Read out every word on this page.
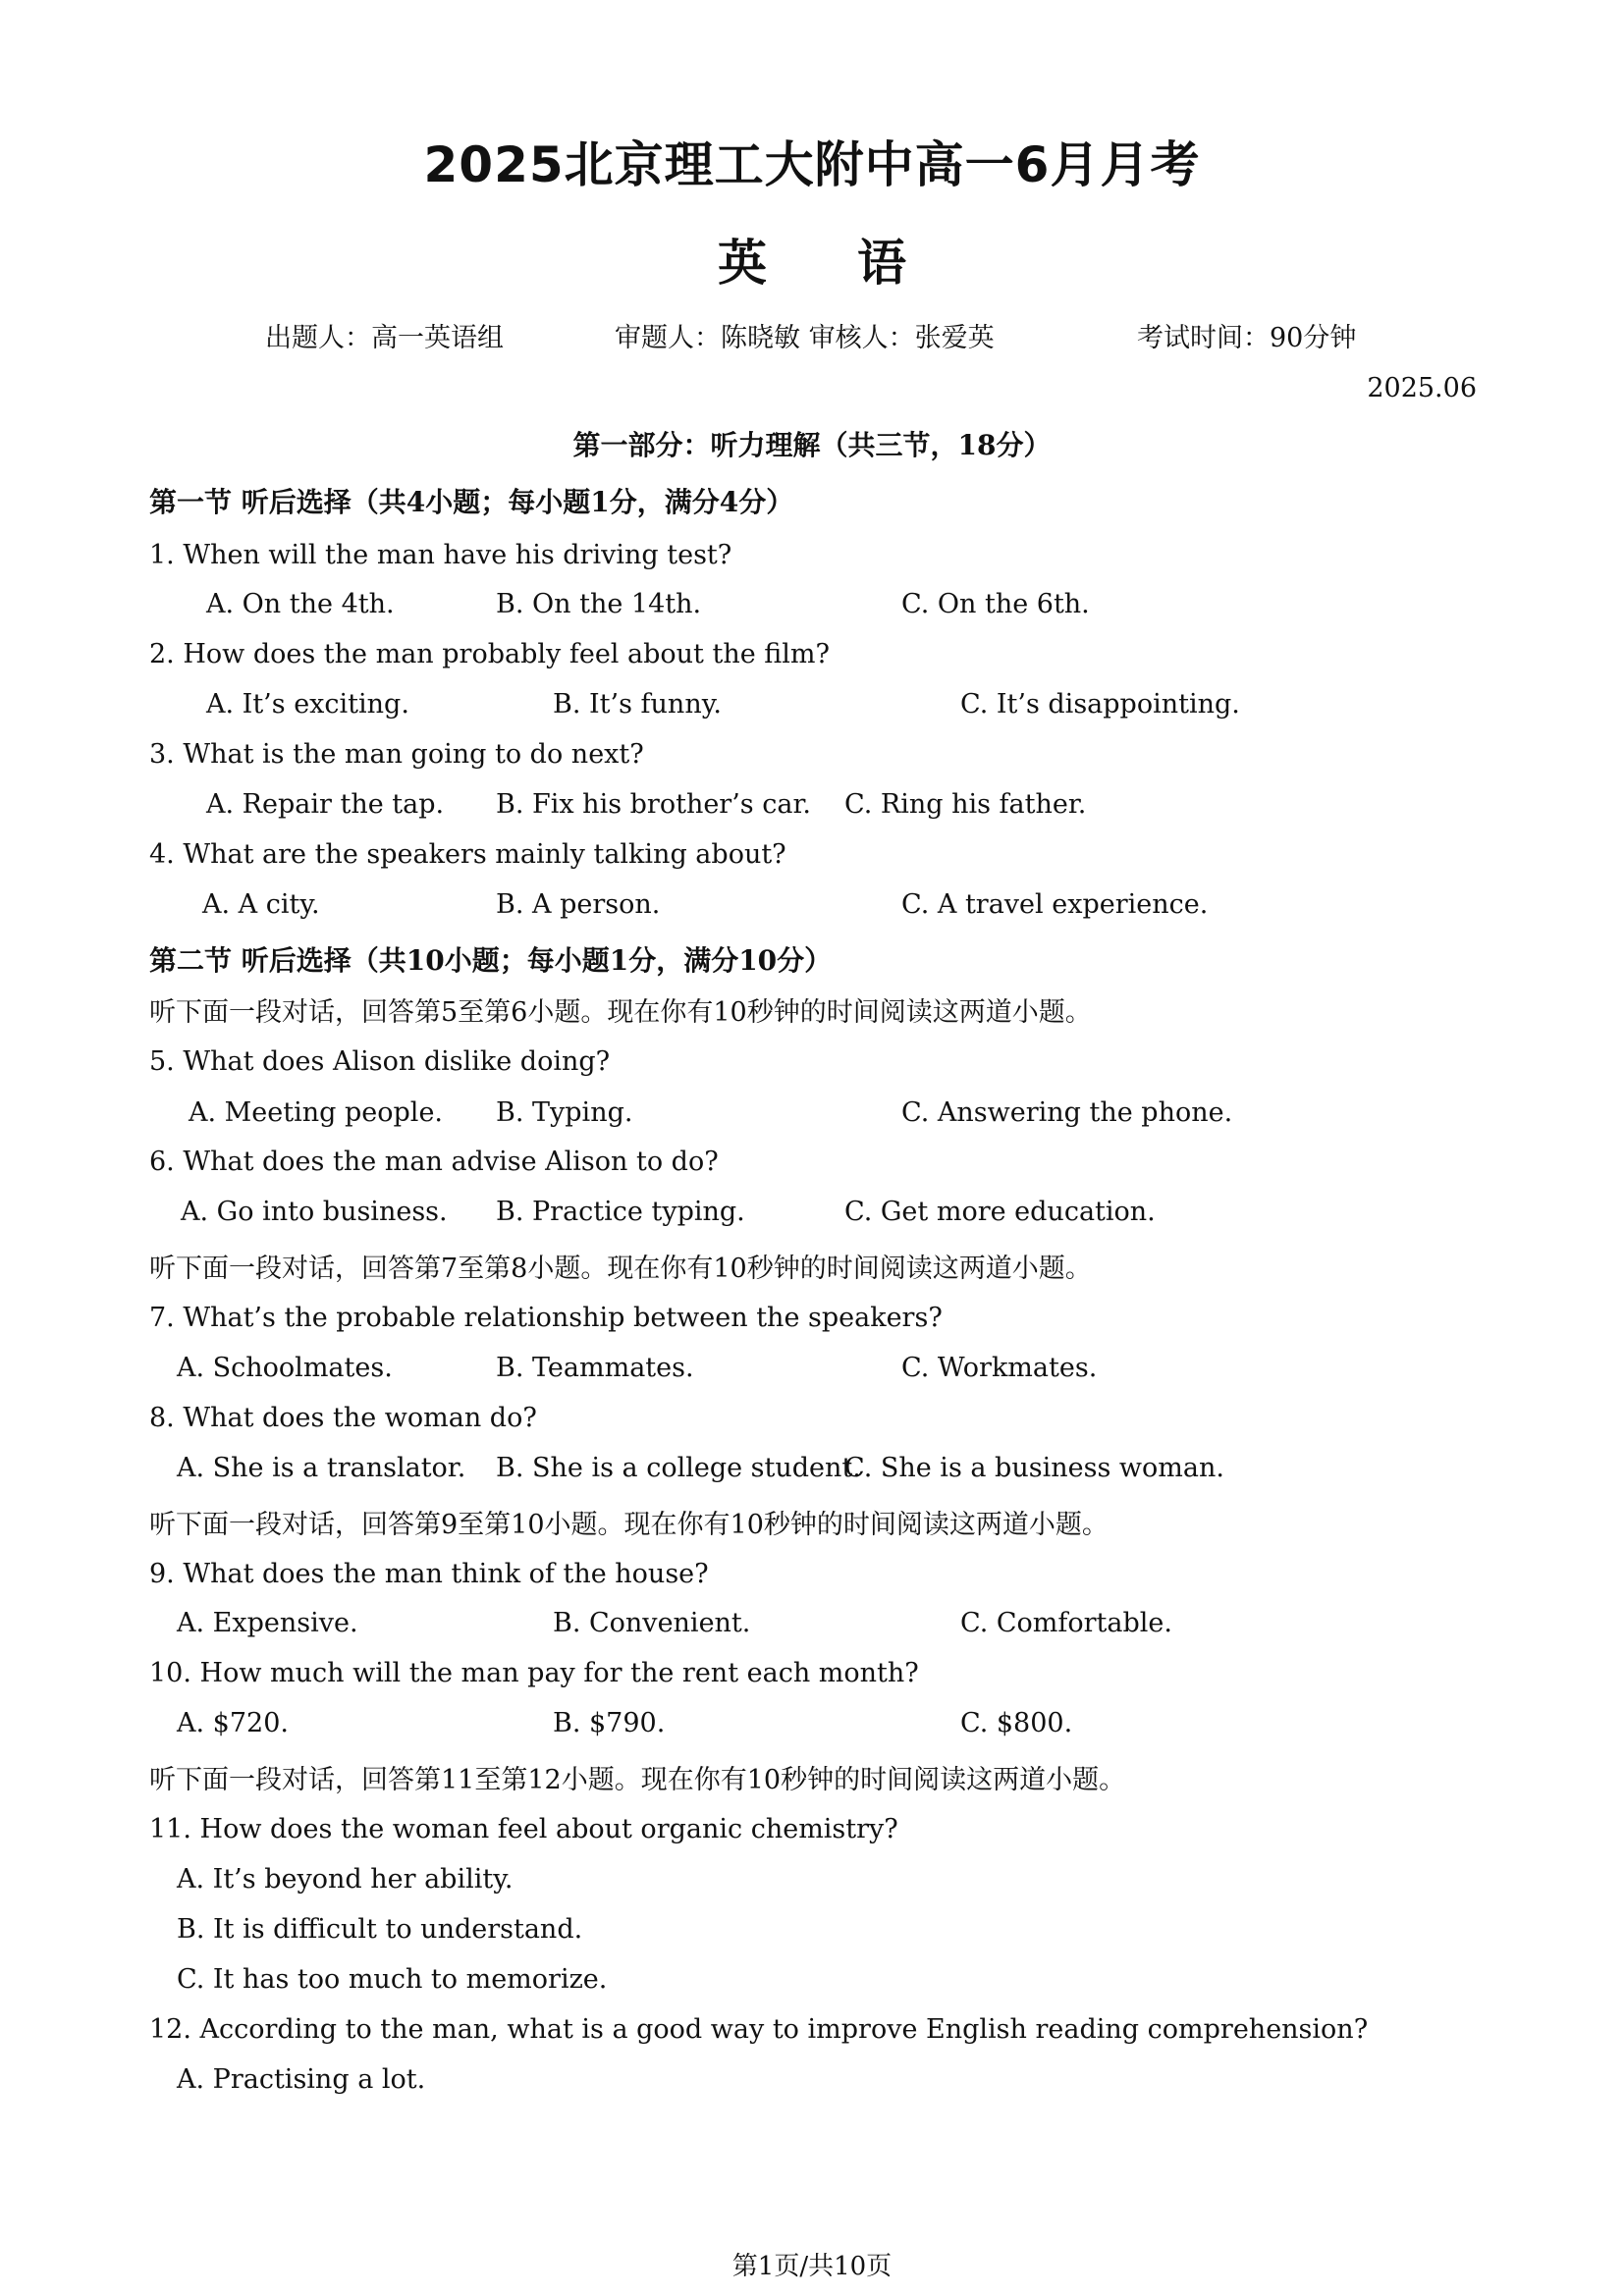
2025北京理工大附中高一6月月考
英 语
出题人：高一英语组	审题人：陈晓敏 审核人：张爱英	考试时间：90分钟
2025.06
第一部分：听力理解（共三节，18分）
第一节 听后选择（共4小题；每小题1分，满分4分）
1. When will the man have his driving test?
A. On the 4th.	B. On the 14th.	C. On the 6th.
2. How does the man probably feel about the film?
A. It’s exciting.	B. It’s funny.	C. It’s disappointing.
3. What is the man going to do next?
A. Repair the tap. B. Fix his brother’s car. C. Ring his father.
4. What are the speakers mainly talking about?
A. A city.	B. A person.	C. A travel experience.
第二节 听后选择（共10小题；每小题1分，满分10分）
听下面一段对话，回答第5至第6小题。现在你有10秒钟的时间阅读这两道小题。
5. What does Alison dislike doing?
A. Meeting people. B. Typing.	C. Answering the phone.
6. What does the man advise Alison to do?
A. Go into business. B. Practice typing.	C. Get more education.
听下面一段对话，回答第7至第8小题。现在你有10秒钟的时间阅读这两道小题。
7. What’s the probable relationship between the speakers?
A. Schoolmates.	B. Teammates.	C. Workmates.
8. What does the woman do?
A. She is a translator. B. She is a college student.
C. She is a business woman.
听下面一段对话，回答第9至第10小题。现在你有10秒钟的时间阅读这两道小题。
9. What does the man think of the house?
A. Expensive.	B. Convenient.	C. Comfortable.
10. How much will the man pay for the rent each month?
A. $720.	B. $790.	C. $800.
听下面一段对话，回答第11至第12小题。现在你有10秒钟的时间阅读这两道小题。
11. How does the woman feel about organic chemistry?
A. It’s beyond her ability.
B. It is difficult to understand.
C. It has too much to memorize.
12. According to the man, what is a good way to improve English reading comprehension?
A. Practising a lot.
第1页/共10页
